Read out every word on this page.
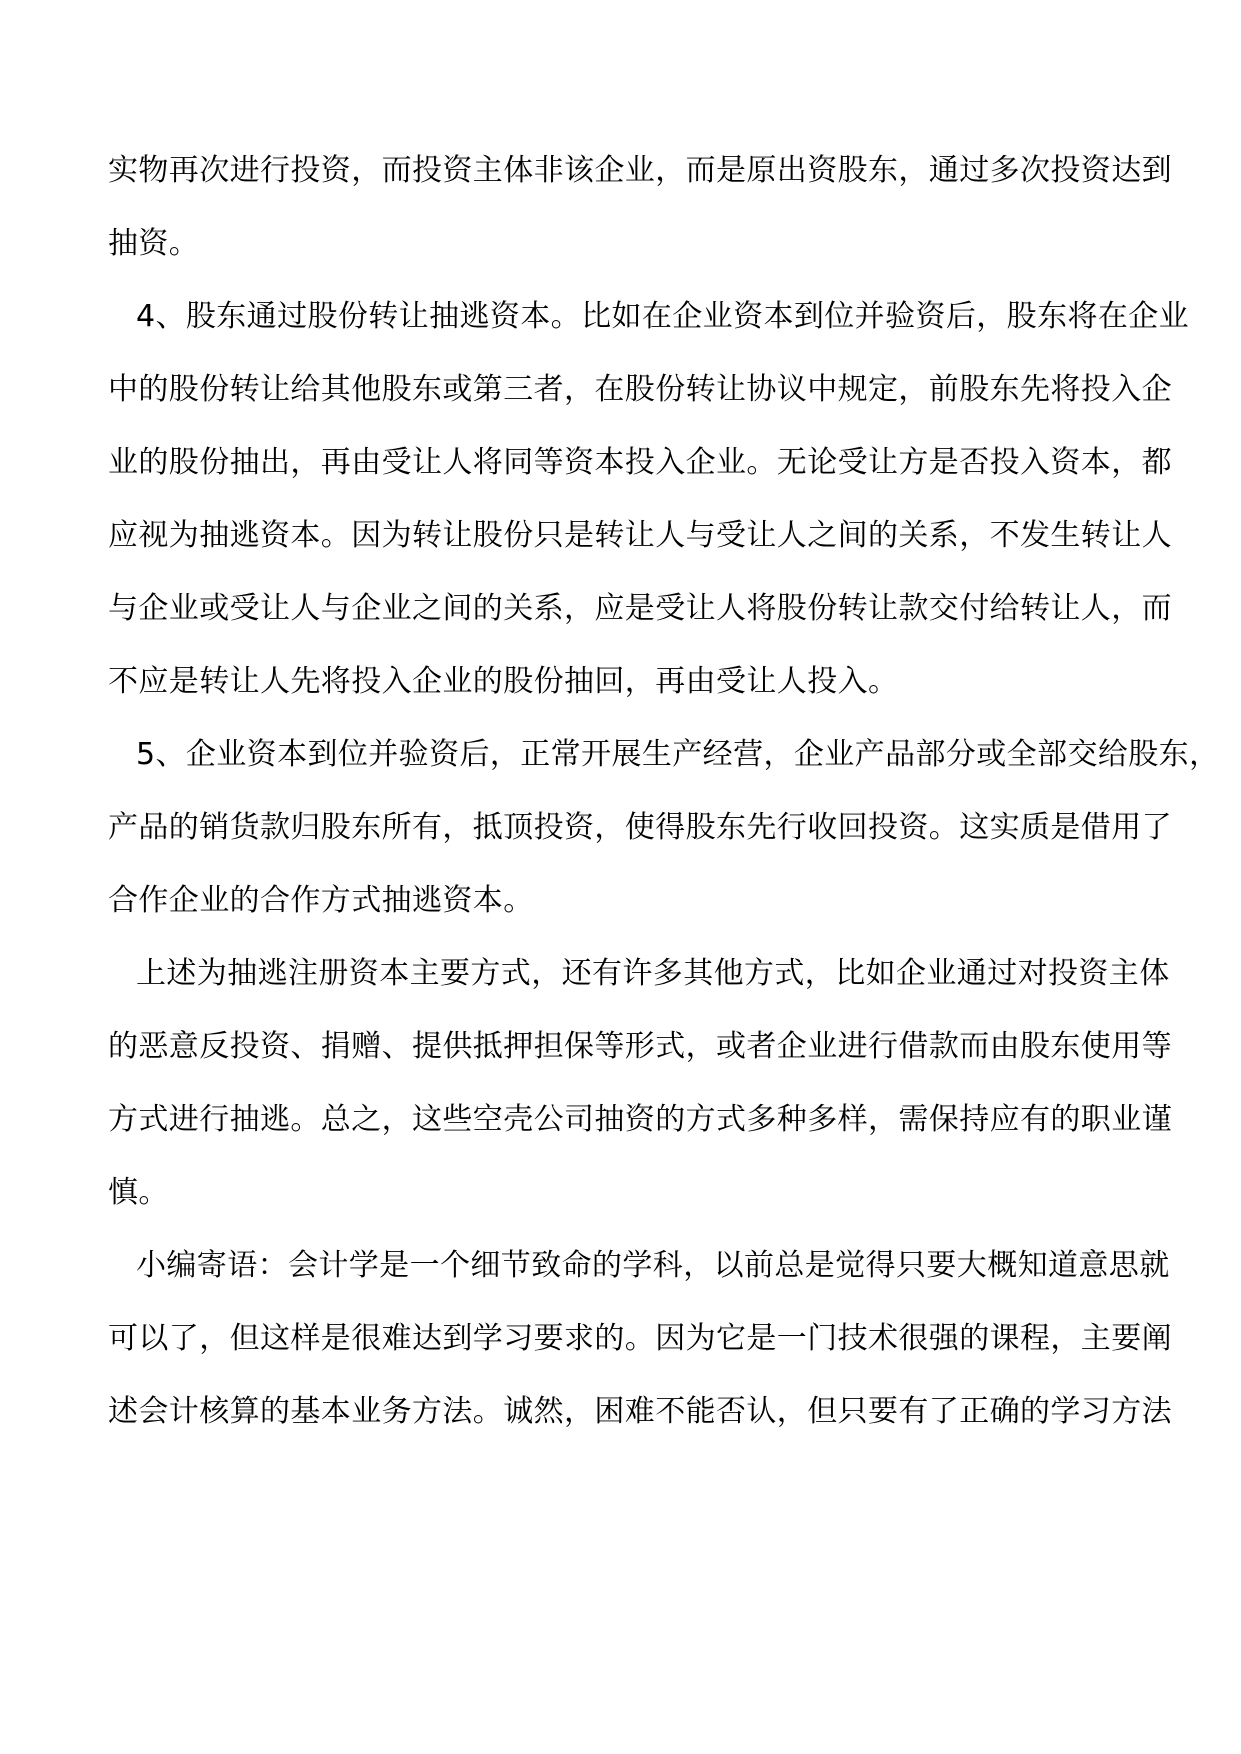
实物再次进行投资，而投资主体非该企业，而是原出资股东，通过多次投资达到
抽资。
4、股东通过股份转让抽逃资本。比如在企业资本到位并验资后，股东将在企业
中的股份转让给其他股东或第三者，在股份转让协议中规定，前股东先将投入企
业的股份抽出，再由受让人将同等资本投入企业。无论受让方是否投入资本，都
应视为抽逃资本。因为转让股份只是转让人与受让人之间的关系，不发生转让人
与企业或受让人与企业之间的关系，应是受让人将股份转让款交付给转让人，而
不应是转让人先将投入企业的股份抽回，再由受让人投入。
5、企业资本到位并验资后，正常开展生产经营，企业产品部分或全部交给股东，
产品的销货款归股东所有，抵顶投资，使得股东先行收回投资。这实质是借用了
合作企业的合作方式抽逃资本。
上述为抽逃注册资本主要方式，还有许多其他方式，比如企业通过对投资主体
的恶意反投资、捐赠、提供抵押担保等形式，或者企业进行借款而由股东使用等
方式进行抽逃。总之，这些空壳公司抽资的方式多种多样，需保持应有的职业谨
慎。
小编寄语：会计学是一个细节致命的学科，以前总是觉得只要大概知道意思就
可以了，但这样是很难达到学习要求的。因为它是一门技术很强的课程，主要阐
述会计核算的基本业务方法。诚然，困难不能否认，但只要有了正确的学习方法
